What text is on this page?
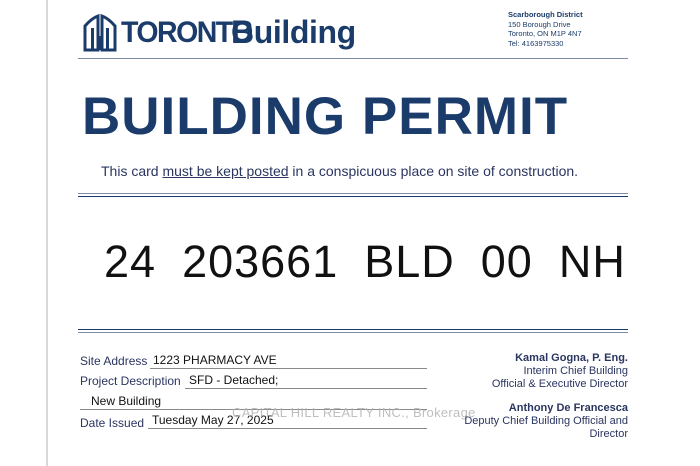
TORONTO
Building	Scarborough District
150 Borough Drive
Toronto, ON M1P 4N7
Tel: 4163975330
BUILDING PERMIT
This card must be kept posted in a conspicuous place on site of construction.
24 203661 BLD 00 NH
Site Address 1223 PHARMACY AVE
Project Description SFD - Detached;
New Building
Date Issued Tuesday May 27, 2025
CAPITAL HILL REALTY INC., Brokerage
Kamal Gogna, P. Eng.
Interim Chief Building
Official & Executive Director
Anthony De Francesca
Deputy Chief Building Official and
Director
